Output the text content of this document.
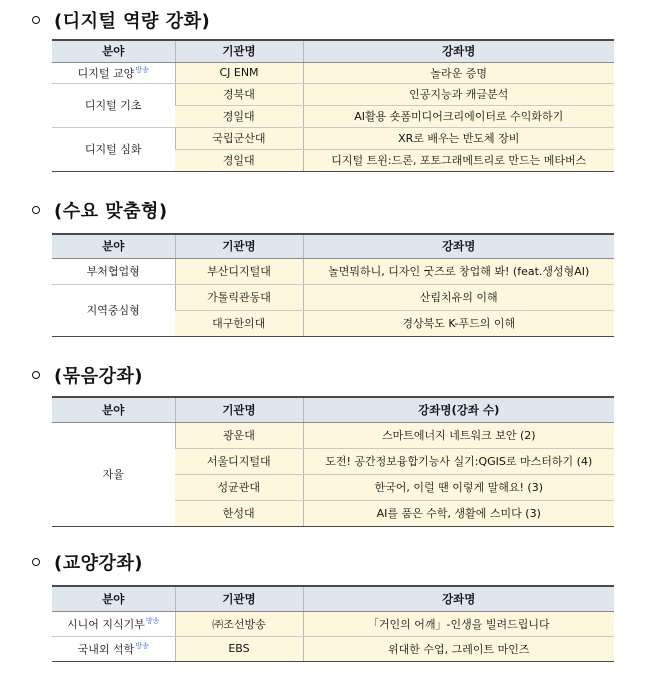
(디지털 역량 강화)
분야	기관명	강좌명
디지털 교양$^{방송}$	CJ ENM	놀라운 증명
디지털 기초	경북대	인공지능과 캐글분석
	경일대	AI활용 숏폼미디어크리에이터로 수익화하기
디지털 심화	국립군산대	XR로 배우는 반도체 장비
	경일대	디지털 트윈:드론, 포토그래메트리로 만드는 메타버스
(수요 맞춤형)
분야	기관명	강좌명
부처협업형	부산디지털대	놀면뭐하니, 디자인 굿즈로 창업해 봐! (feat.생성형AI)
지역중심형	가톨릭관동대	산림치유의 이해
	대구한의대	경상북도 K-푸드의 이해
(묶음강좌)
분야	기관명	강좌명(강좌 수)
자율	광운대	스마트에너지 네트워크 보안 (2)
	서울디지털대	도전! 공간정보융합기능사 실기:QGIS로 마스터하기 (4)
	성균관대	한국어, 이럴 땐 이렇게 말해요! (3)
	한성대	AI를 품은 수학, 생활에 스미다 (3)
(교양강좌)
분야	기관명	강좌명
시니어 지식기부$^{방송}$	㈜조선방송	「거인의 어깨」-인생을 빌려드립니다
국내외 석학$^{방송}$	EBS	위대한 수업, 그레이트 마인즈
